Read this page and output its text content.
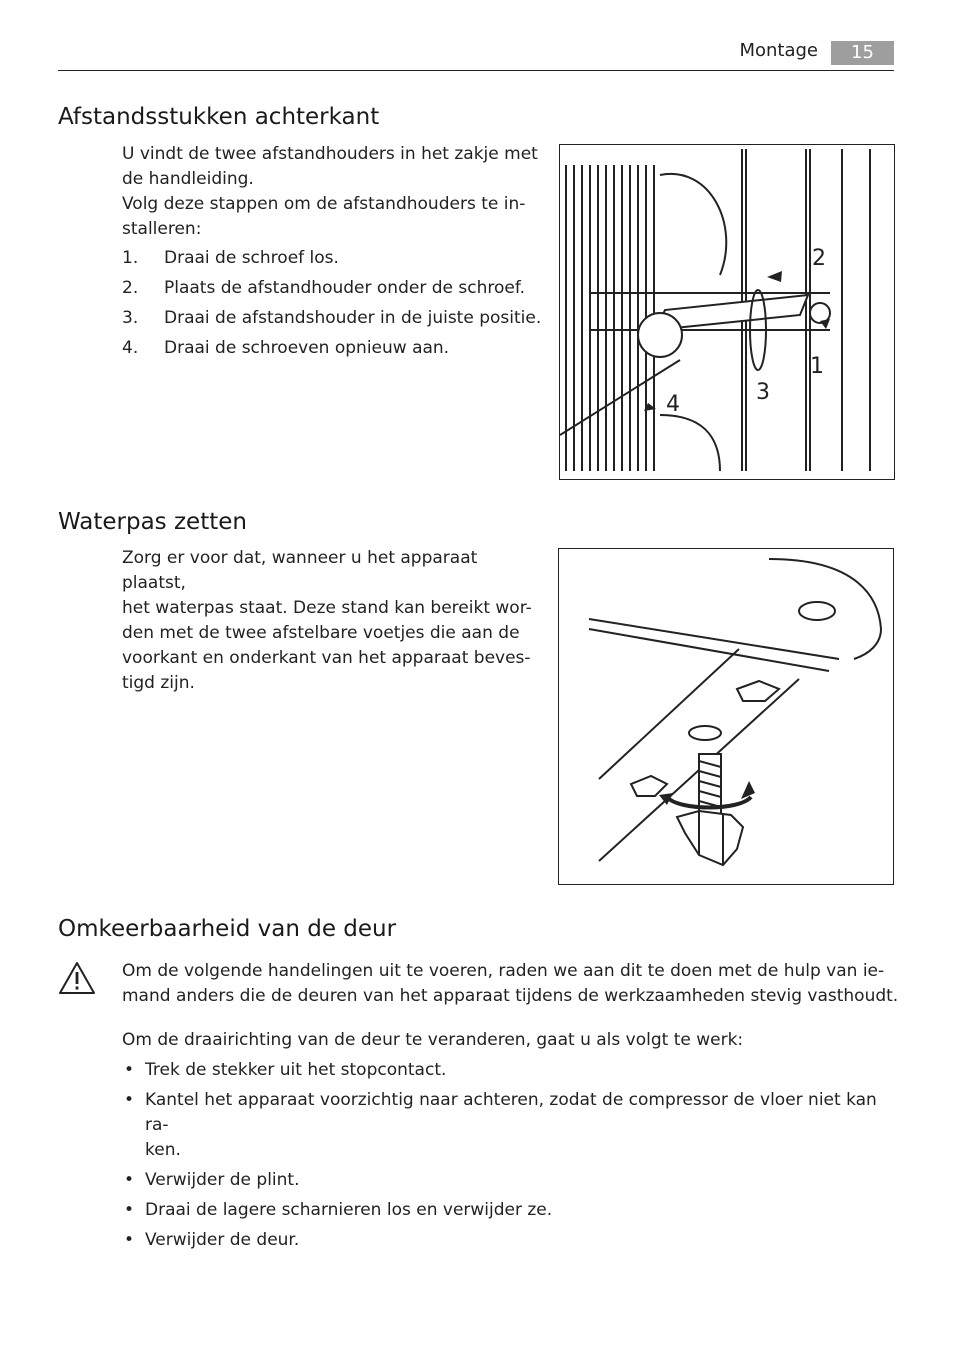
Montage	15
Afstandsstukken achterkant
U vindt de twee afstandhouders in het zakje met
de handleiding.
Volg deze stappen om de afstandhouders te in-
stalleren:
1. Draai de schroef los.
2. Plaats de afstandhouder onder de schroef.
3. Draai de afstandshouder in de juiste positie.
4. Draai de schroeven opnieuw aan.
2
1
3
4
Waterpas zetten
Zorg er voor dat, wanneer u het apparaat plaatst,
het waterpas staat. Deze stand kan bereikt wor-
den met de twee afstelbare voetjes die aan de
voorkant en onderkant van het apparaat beves-
tigd zijn.
Omkeerbaarheid van de deur
Om de volgende handelingen uit te voeren, raden we aan dit te doen met de hulp van ie-
mand anders die de deuren van het apparaat tijdens de werkzaamheden stevig vasthoudt.
Om de draairichting van de deur te veranderen, gaat u als volgt te werk:
• Trek de stekker uit het stopcontact.
• Kantel het apparaat voorzichtig naar achteren, zodat de compressor de vloer niet kan ra-
ken.
• Verwijder de plint.
• Draai de lagere scharnieren los en verwijder ze.
• Verwijder de deur.
